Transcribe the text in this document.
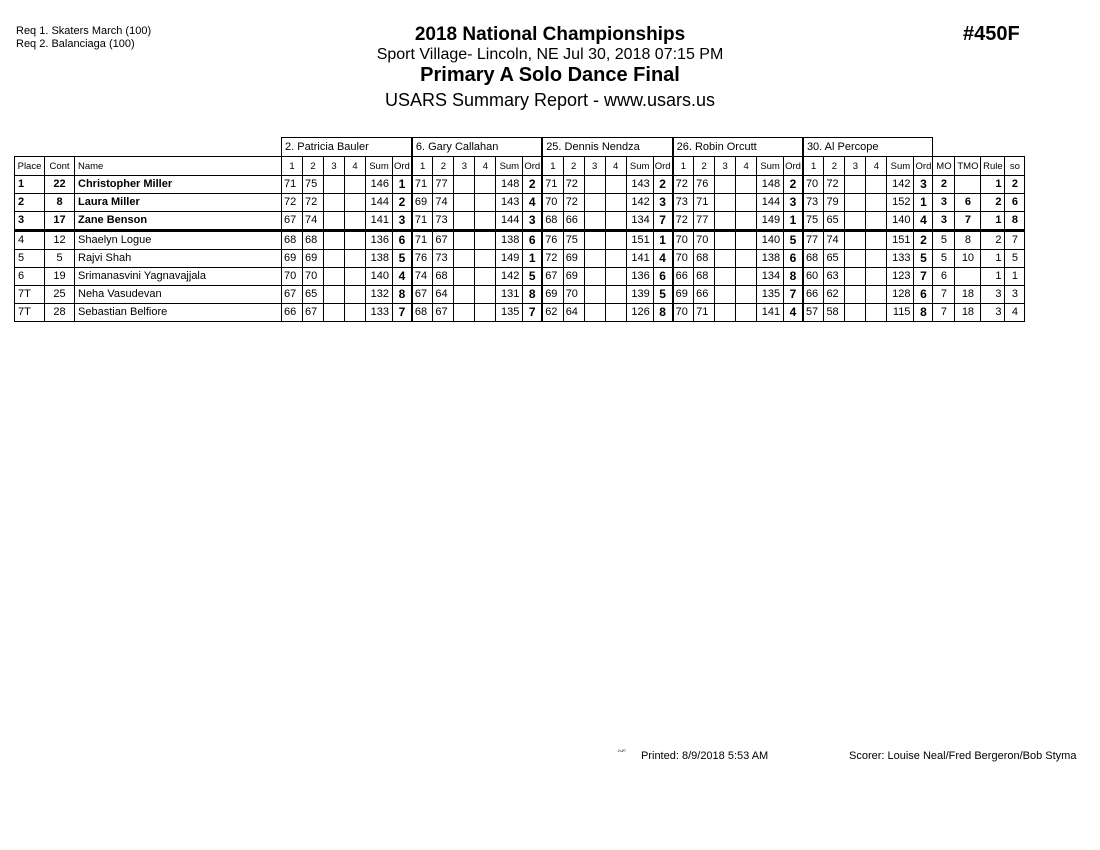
Req 1. Skaters March (100)
Req 2. Balanciaga (100)	2018 National Championships
Sport Village- Lincoln, NE Jul 30, 2018 07:15 PM
Primary A Solo Dance Final
USARS Summary Report - www.usars.us
#450F
			2. Patricia Bauler						6. Gary Callahan						25. Dennis Nendza						26. Robin Orcutt						30. Al Percope									
Place	Cont	Name	1	2	3	4	Sum	Ord	1	2	3	4	Sum	Ord	1	2	3	4	Sum	Ord	1	2	3	4	Sum	Ord	1	2	3	4	Sum	Ord	MO	TMO	Rule	so
1	22	Christopher Miller	71	75			146	1	71	77			148	2	71	72			143	2	72	76			148	2	70	72			142	3	2		1	2
2	8	Laura Miller	72	72			144	2	69	74			143	4	70	72			142	3	73	71			144	3	73	79			152	1	3	6	2	6
3	17	Zane Benson	67	74			141	3	71	73			144	3	68	66			134	7	72	77			149	1	75	65			140	4	3	7	1	8
4	12	Shaelyn Logue	68	68			136	6	71	67			138	6	76	75			151	1	70	70			140	5	77	74			151	2	5	8	2	7
5	5	Rajvi Shah	69	69			138	5	76	73			149	1	72	69			141	4	70	68			138	6	68	65			133	5	5	10	1	5
6	19	Srimanasvini Yagnavajjala	70	70			140	4	74	68			142	5	67	69			136	6	66	68			134	8	60	63			123	7	6		1	1
7T	25	Neha Vasudevan	67	65			132	8	67	64			131	8	69	70			139	5	69	66			135	7	66	62			128	6	7	18	3	3
7T	28	Sebastian Belfiore	66	67			133	7	68	67			135	7	62	64			126	8	70	71			141	4	57	58			115	8	7	18	3	4
²⁴²⁰ Printed: 8/9/2018 5:53 AM	Scorer: Louise Neal/Fred Bergeron/Bob Styma
